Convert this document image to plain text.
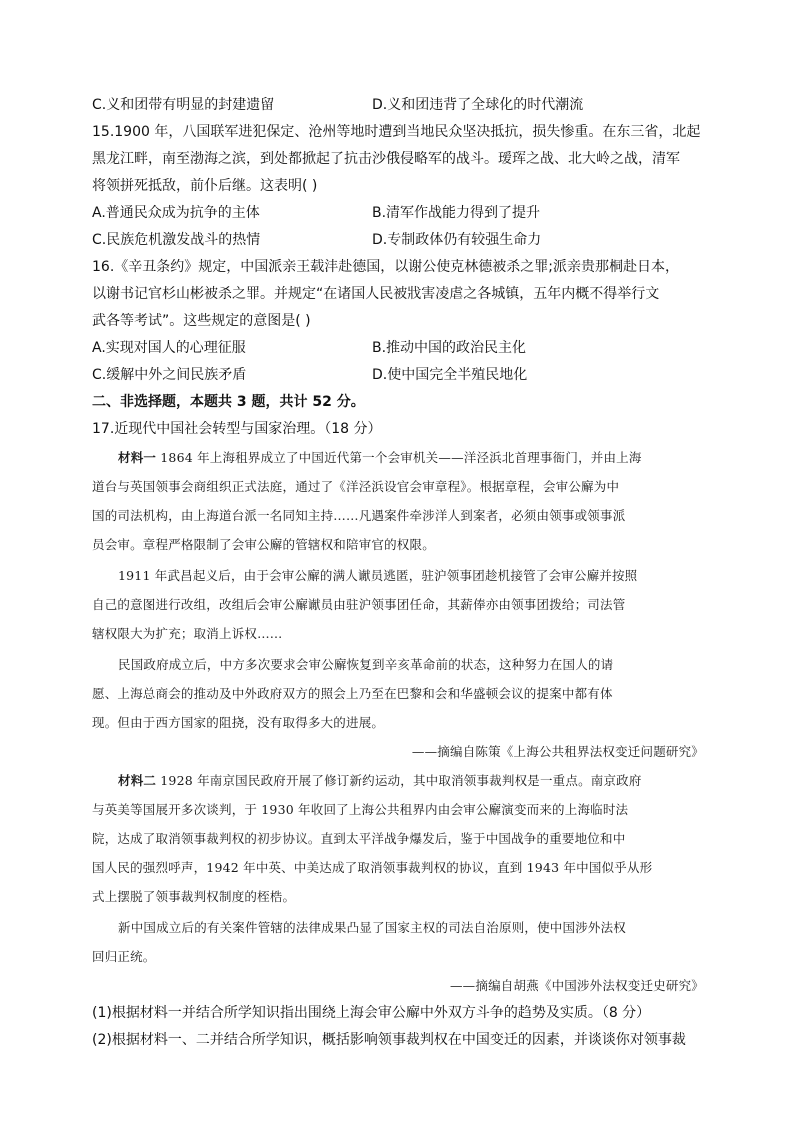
C.义和团带有明显的封建遗留	D.义和团违背了全球化的时代潮流
15.1900 年，八国联军进犯保定、沧州等地时遭到当地民众坚决抵抗，损失惨重。在东三省，北起
黑龙江畔，南至渤海之滨，到处都掀起了抗击沙俄侵略军的战斗。瑷珲之战、北大岭之战，清军
将领拼死抵敌，前仆后继。这表明( )
A.普通民众成为抗争的主体	B.清军作战能力得到了提升
C.民族危机激发战斗的热情	D.专制政体仍有较强生命力
16.《辛丑条约》规定，中国派亲王载沣赴德国，以谢公使克林德被杀之罪;派亲贵那桐赴日本，
以谢书记官杉山彬被杀之罪。并规定“在诸国人民被戕害凌虐之各城镇，五年内概不得举行文
武各等考试”。这些规定的意图是( )
A.实现对国人的心理征服	B.推动中国的政治民主化
C.缓解中外之间民族矛盾	D.使中国完全半殖民地化
二、非选择题，本题共 3 题，共计 52 分。
17.近现代中国社会转型与国家治理。（18 分）
材料一 1864 年上海租界成立了中国近代第一个会审机关——洋泾浜北首理事衙门，并由上海
道台与英国领事会商组织正式法庭，通过了《洋泾浜设官会审章程》。根据章程，会审公廨为中
国的司法机构，由上海道台派一名同知主持……凡遇案件牵涉洋人到案者，必须由领事或领事派
员会审。章程严格限制了会审公廨的管辖权和陪审官的权限。
1911 年武昌起义后，由于会审公廨的满人谳员逃匿，驻沪领事团趁机接管了会审公廨并按照
自己的意图进行改组，改组后会审公廨谳员由驻沪领事团任命，其薪俸亦由领事团拨给；司法管
辖权限大为扩充；取消上诉权……
民国政府成立后，中方多次要求会审公廨恢复到辛亥革命前的状态，这种努力在国人的请
愿、上海总商会的推动及中外政府双方的照会上乃至在巴黎和会和华盛顿会议的提案中都有体
现。但由于西方国家的阻挠，没有取得多大的进展。
——摘编自陈策《上海公共租界法权变迁问题研究》
材料二 1928 年南京国民政府开展了修订新约运动，其中取消领事裁判权是一重点。南京政府
与英美等国展开多次谈判，于 1930 年收回了上海公共租界内由会审公廨演变而来的上海临时法
院，达成了取消领事裁判权的初步协议。直到太平洋战争爆发后，鉴于中国战争的重要地位和中
国人民的强烈呼声，1942 年中英、中美达成了取消领事裁判权的协议，直到 1943 年中国似乎从形
式上摆脱了领事裁判权制度的桎梏。
新中国成立后的有关案件管辖的法律成果凸显了国家主权的司法自治原则，使中国涉外法权
回归正统。
——摘编自胡燕《中国涉外法权变迁史研究》
(1)根据材料一并结合所学知识指出围绕上海会审公廨中外双方斗争的趋势及实质。（8 分）
(2)根据材料一、二并结合所学知识，概括影响领事裁判权在中国变迁的因素，并谈谈你对领事裁
